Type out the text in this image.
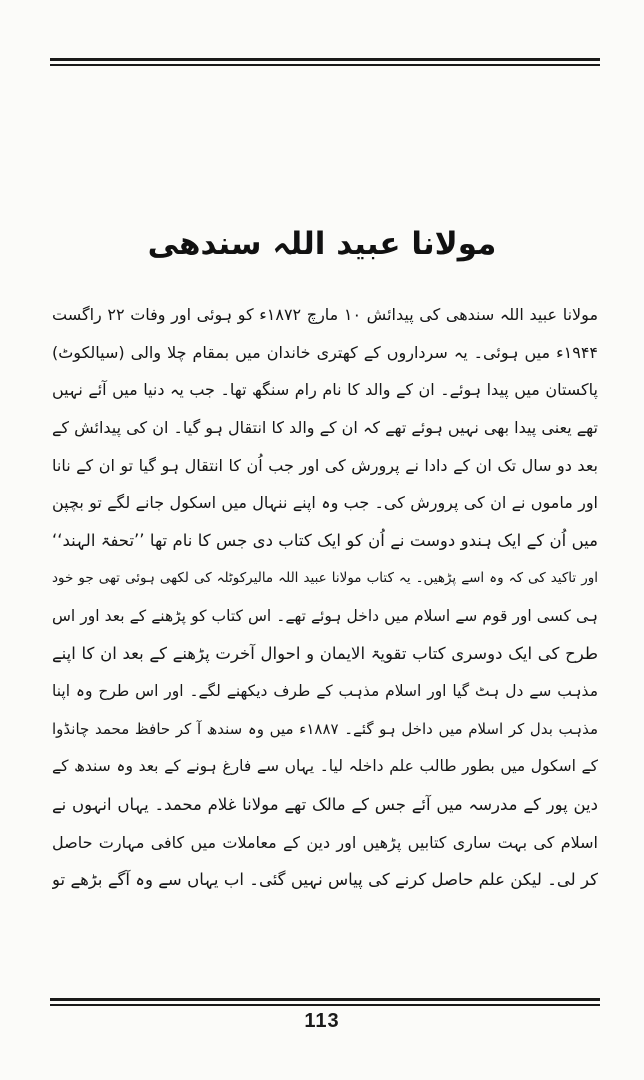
مولانا عبید اللہ سندھی
مولانا عبید اللہ سندھی کی پیدائش ۱۰ مارچ ۱۸۷۲ء کو ہوئی اور وفات ۲۲ راگست
۱۹۴۴ء میں ہوئی۔ یہ سرداروں کے کھتری خاندان میں بمقام چلا والی (سیالکوٹ)
پاکستان میں پیدا ہوئے۔ ان کے والد کا نام رام سنگھ تھا۔ جب یہ دنیا میں آئے نہیں
تھے یعنی پیدا بھی نہیں ہوئے تھے کہ ان کے والد کا انتقال ہو گیا۔ ان کی پیدائش کے
بعد دو سال تک ان کے دادا نے پرورش کی اور جب اُن کا انتقال ہو گیا تو ان کے نانا
اور ماموں نے ان کی پرورش کی۔ جب وہ اپنے ننہال میں اسکول جانے لگے تو بچپن
میں اُن کے ایک ہندو دوست نے اُن کو ایک کتاب دی جس کا نام تھا ’’تحفۃ الہند‘‘
اور تاکید کی کہ وہ اسے پڑھیں۔ یہ کتاب مولانا عبید اللہ مالیرکوٹلہ کی لکھی ہوئی تھی جو خود
ہی کسی اور قوم سے اسلام میں داخل ہوئے تھے۔ اس کتاب کو پڑھنے کے بعد اور اس
طرح کی ایک دوسری کتاب تقویۃ الایمان و احوال آخرت پڑھنے کے بعد ان کا اپنے
مذہب سے دل ہٹ گیا اور اسلام مذہب کے طرف دیکھنے لگے۔ اور اس طرح وہ اپنا
مذہب بدل کر اسلام میں داخل ہو گئے۔ ۱۸۸۷ء میں وہ سندھ آ کر حافظ محمد چانڈوا
کے اسکول میں بطور طالب علم داخلہ لیا۔ یہاں سے فارغ ہونے کے بعد وہ سندھ کے
دین پور کے مدرسہ میں آئے جس کے مالک تھے مولانا غلام محمد۔ یہاں انہوں نے
اسلام کی بہت ساری کتابیں پڑھیں اور دین کے معاملات میں کافی مہارت حاصل
کر لی۔ لیکن علم حاصل کرنے کی پیاس نہیں گئی۔ اب یہاں سے وہ آگے بڑھے تو
113
